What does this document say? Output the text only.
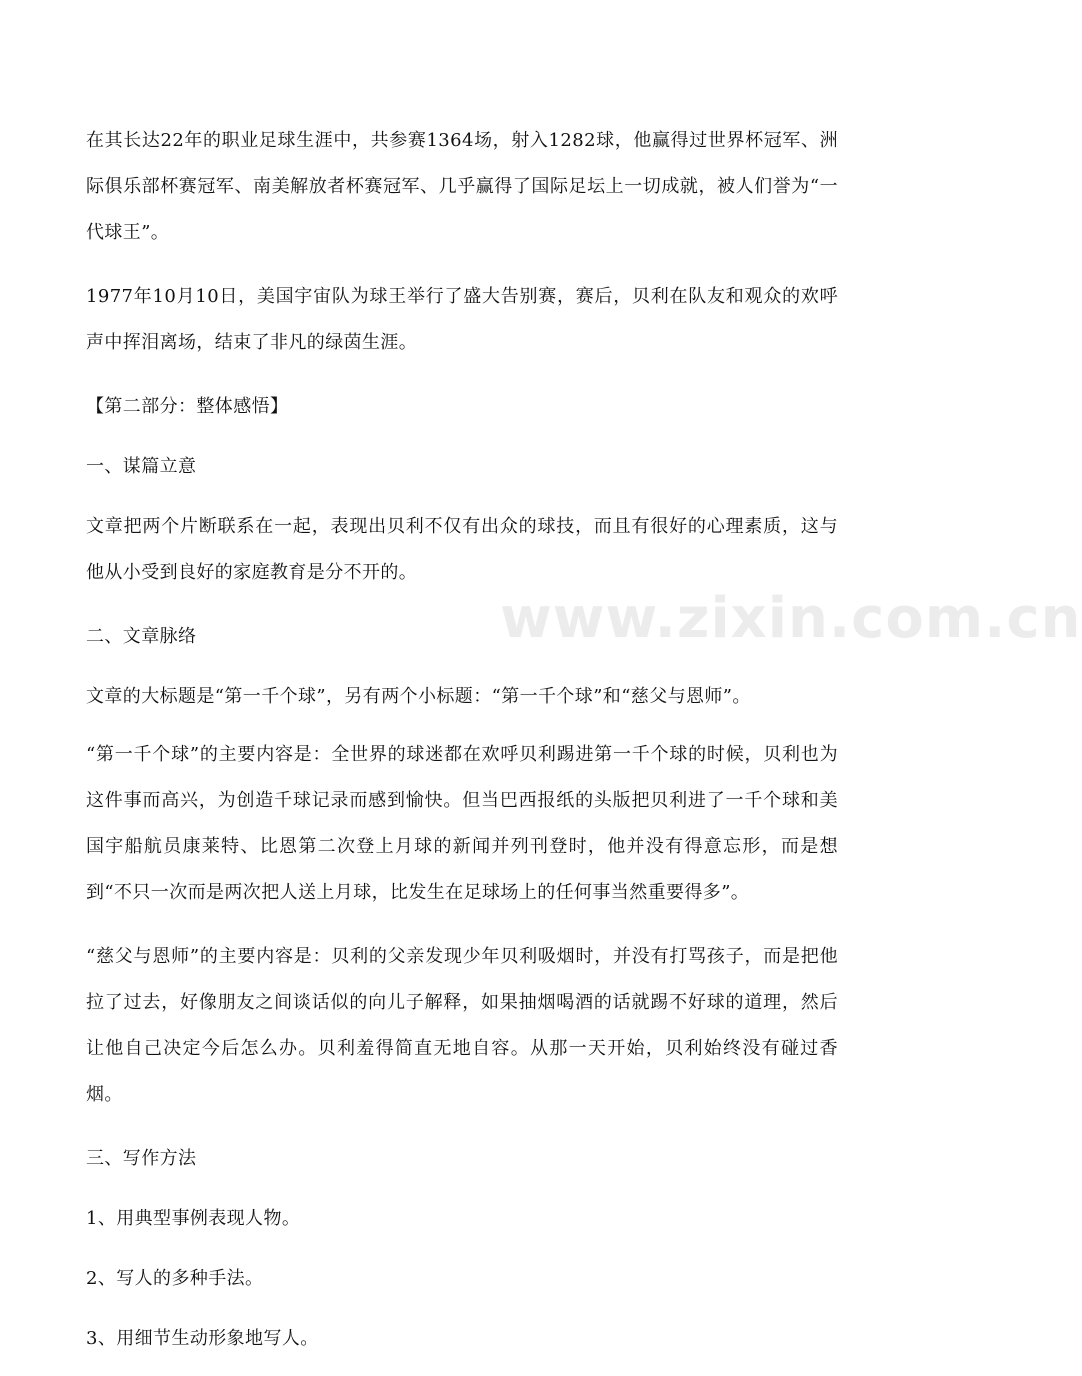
在其长达22年的职业足球生涯中，共参赛1364场，射入1282球，他赢得过世界杯冠军、洲际俱乐部杯赛冠军、南美解放者杯赛冠军、几乎赢得了国际足坛上一切成就，被人们誉为“一代球王”。

1977年10月10日，美国宇宙队为球王举行了盛大告别赛，赛后，贝利在队友和观众的欢呼声中挥泪离场，结束了非凡的绿茵生涯。

【第二部分：整体感悟】

一、谋篇立意

文章把两个片断联系在一起，表现出贝利不仅有出众的球技，而且有很好的心理素质，这与他从小受到良好的家庭教育是分不开的。

二、文章脉络

文章的大标题是“第一千个球”，另有两个小标题：“第一千个球”和“慈父与恩师”。

“第一千个球”的主要内容是：全世界的球迷都在欢呼贝利踢进第一千个球的时候，贝利也为这件事而高兴，为创造千球记录而感到愉快。但当巴西报纸的头版把贝利进了一千个球和美国宇船航员康莱特、比恩第二次登上月球的新闻并列刊登时，他并没有得意忘形，而是想到“不只一次而是两次把人送上月球，比发生在足球场上的任何事当然重要得多”。

“慈父与恩师”的主要内容是：贝利的父亲发现少年贝利吸烟时，并没有打骂孩子，而是把他拉了过去，好像朋友之间谈话似的向儿子解释，如果抽烟喝酒的话就踢不好球的道理，然后让他自己决定今后怎么办。贝利羞得简直无地自容。从那一天开始，贝利始终没有碰过香烟。

三、写作方法

1、用典型事例表现人物。

2、写人的多种手法。

3、用细节生动形象地写人。

www.zixin.com.cn
